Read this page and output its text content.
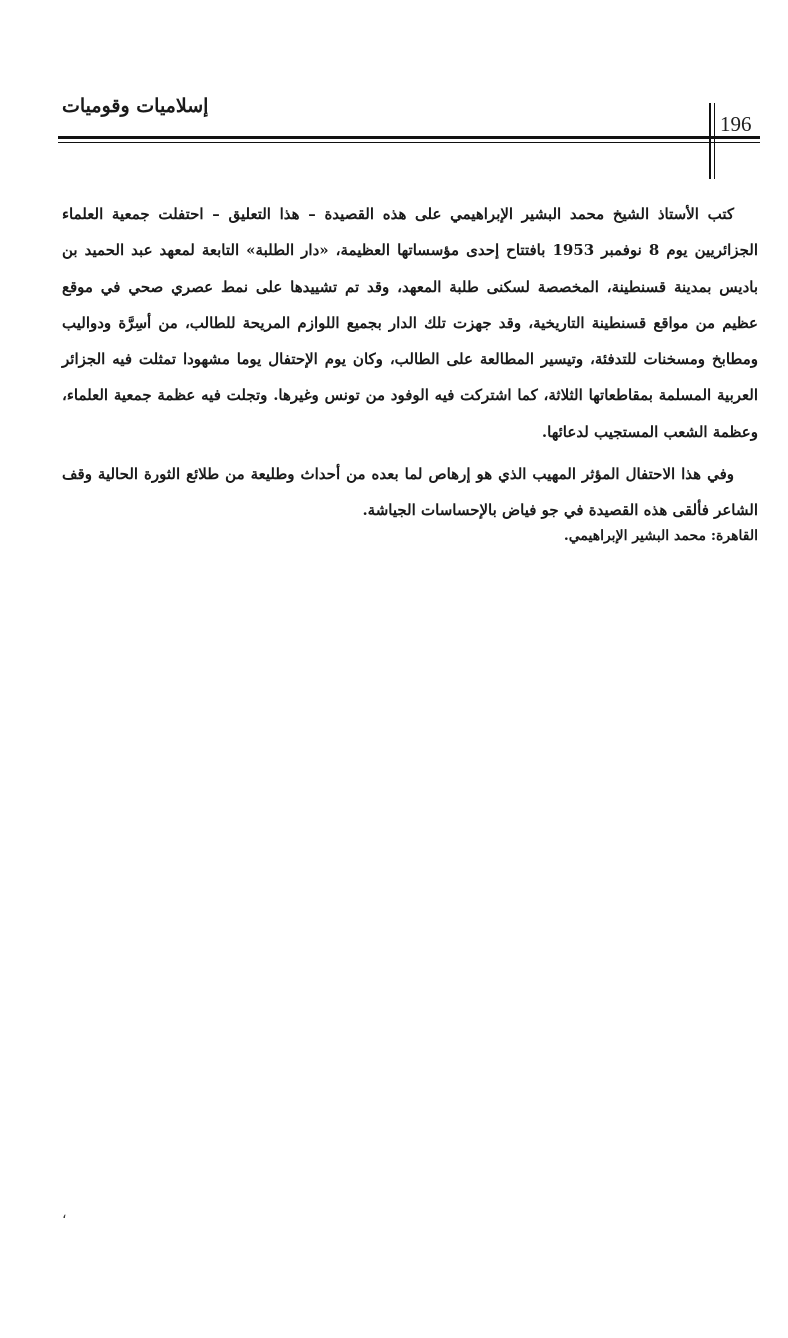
إسلاميات وقوميات
196

كتب الأستاذ الشيخ محمد البشير الإبراهيمي على هذه القصيدة – هذا التعليق – احتفلت جمعية العلماء الجزائريين يوم 8 نوفمبر 1953 بافتتاح إحدى مؤسساتها العظيمة، «دار الطلبة» التابعة لمعهد عبد الحميد بن باديس بمدينة قسنطينة، المخصصة لسكنى طلبة المعهد، وقد تم تشييدها على نمط عصري صحي في موقع عظيم من مواقع قسنطينة التاريخية، وقد جهزت تلك الدار بجميع اللوازم المريحة للطالب، من أسِرَّة ودواليب ومطابخ ومسخنات للتدفئة، وتيسير المطالعة على الطالب، وكان يوم الإحتفال يوما مشهودا تمثلت فيه الجزائر العربية المسلمة بمقاطعاتها الثلاثة، كما اشتركت فيه الوفود من تونس وغيرها. وتجلت فيه عظمة جمعية العلماء، وعظمة الشعب المستجيب لدعائها.

وفي هذا الاحتفال المؤثر المهيب الذي هو إرهاص لما بعده من أحداث وطليعة من طلائع الثورة الحالية وقف الشاعر فألقى هذه القصيدة في جو فياض بالإحساسات الجياشة.

القاهرة: محمد البشير الإبراهيمي.
،
